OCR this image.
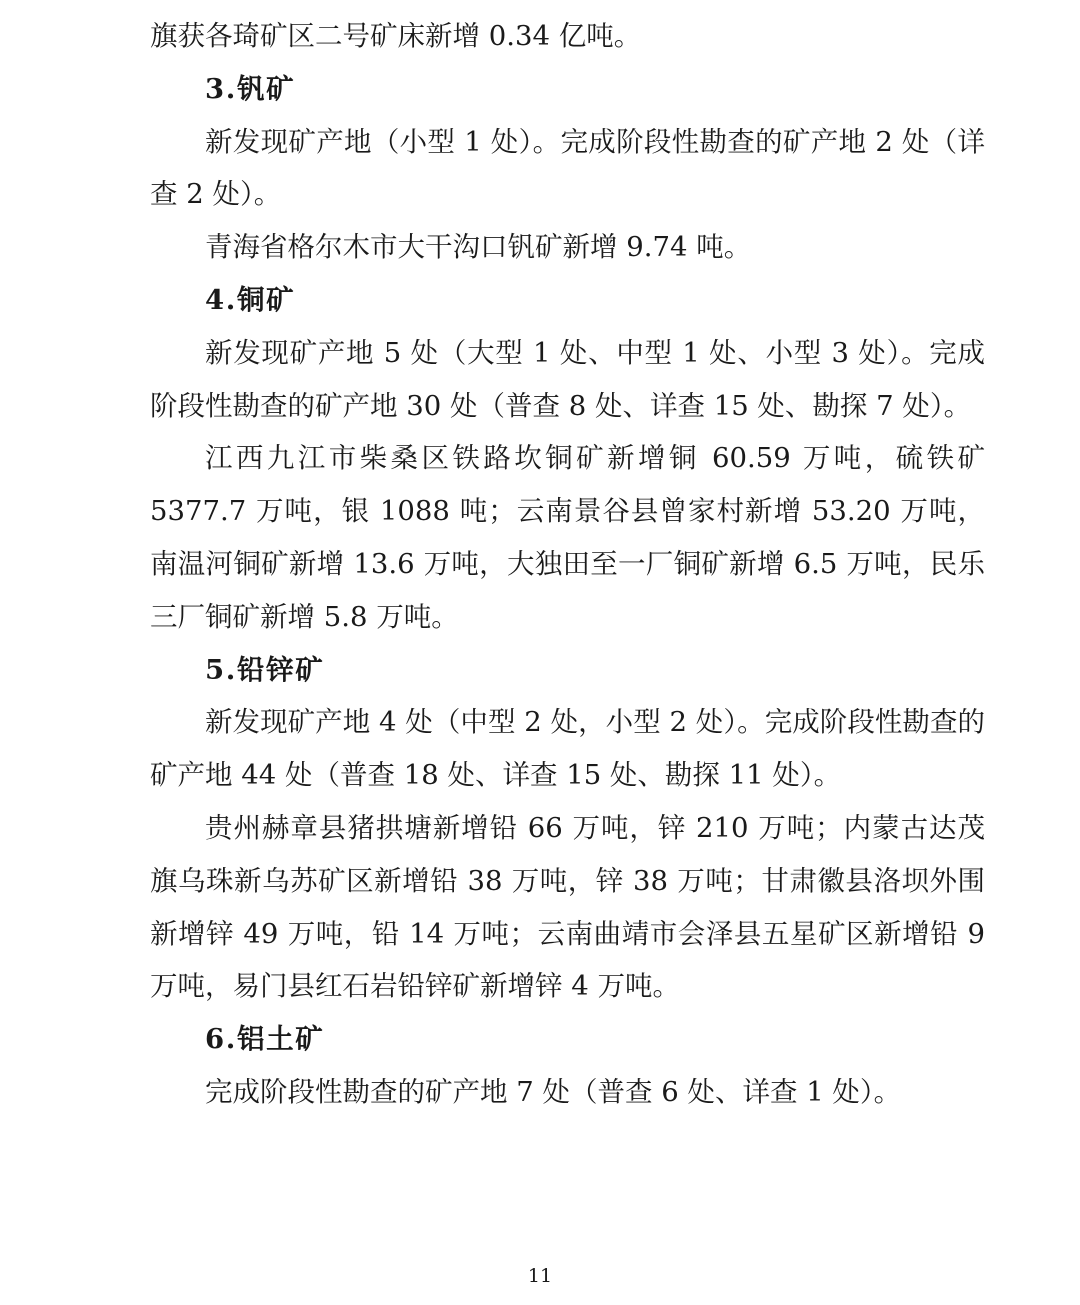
旗获各琦矿区二号矿床新增 0.34 亿吨。

3.钒矿

新发现矿产地（小型 1 处）。完成阶段性勘查的矿产地 2 处（详查 2 处）。

青海省格尔木市大干沟口钒矿新增 9.74 吨。

4.铜矿

新发现矿产地 5 处（大型 1 处、中型 1 处、小型 3 处）。完成阶段性勘查的矿产地 30 处（普查 8 处、详查 15 处、勘探 7 处）。

江西九江市柴桑区铁路坎铜矿新增铜 60.59 万吨，硫铁矿 5377.7 万吨，银 1088 吨；云南景谷县曾家村新增 53.20 万吨，南温河铜矿新增 13.6 万吨，大独田至一厂铜矿新增 6.5 万吨，民乐三厂铜矿新增 5.8 万吨。

5.铅锌矿

新发现矿产地 4 处（中型 2 处，小型 2 处）。完成阶段性勘查的矿产地 44 处（普查 18 处、详查 15 处、勘探 11 处）。

贵州赫章县猪拱塘新增铅 66 万吨，锌 210 万吨；内蒙古达茂旗乌珠新乌苏矿区新增铅 38 万吨，锌 38 万吨；甘肃徽县洛坝外围新增锌 49 万吨，铅 14 万吨；云南曲靖市会泽县五星矿区新增铅 9 万吨，易门县红石岩铅锌矿新增锌 4 万吨。

6.铝土矿

完成阶段性勘查的矿产地 7 处（普查 6 处、详查 1 处）。

11
